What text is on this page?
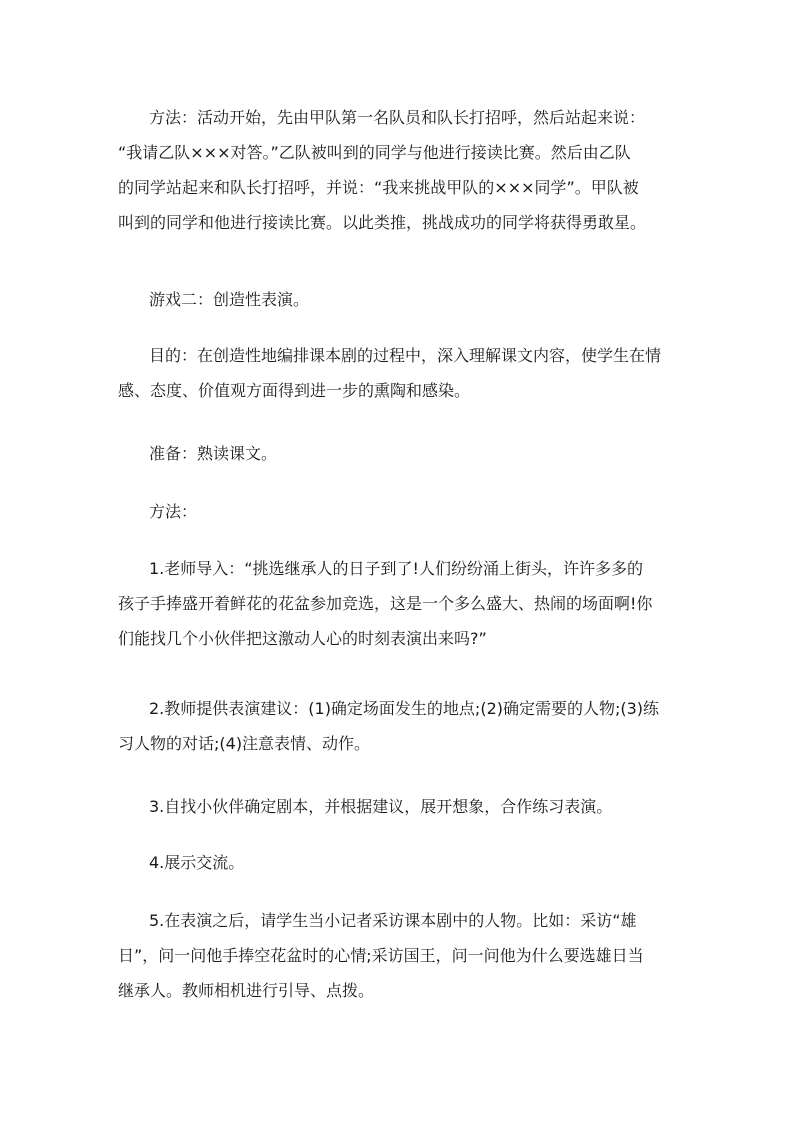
方法：活动开始，先由甲队第一名队员和队长打招呼，然后站起来说：
“我请乙队×××对答。”乙队被叫到的同学与他进行接读比赛。然后由乙队
的同学站起来和队长打招呼，并说：“我来挑战甲队的×××同学”。甲队被
叫到的同学和他进行接读比赛。以此类推，挑战成功的同学将获得勇敢星。
游戏二：创造性表演。
目的：在创造性地编排课本剧的过程中，深入理解课文内容，使学生在情
感、态度、价值观方面得到进一步的熏陶和感染。
准备：熟读课文。
方法：
1.老师导入：“挑选继承人的日子到了!人们纷纷涌上街头，许许多多的
孩子手捧盛开着鲜花的花盆参加竞选，这是一个多么盛大、热闹的场面啊!你
们能找几个小伙伴把这激动人心的时刻表演出来吗?”
2.教师提供表演建议：(1)确定场面发生的地点;(2)确定需要的人物;(3)练
习人物的对话;(4)注意表情、动作。
3.自找小伙伴确定剧本，并根据建议，展开想象，合作练习表演。
4.展示交流。
5.在表演之后，请学生当小记者采访课本剧中的人物。比如：采访“雄
日”，问一问他手捧空花盆时的心情;采访国王，问一问他为什么要选雄日当
继承人。教师相机进行引导、点拨。
